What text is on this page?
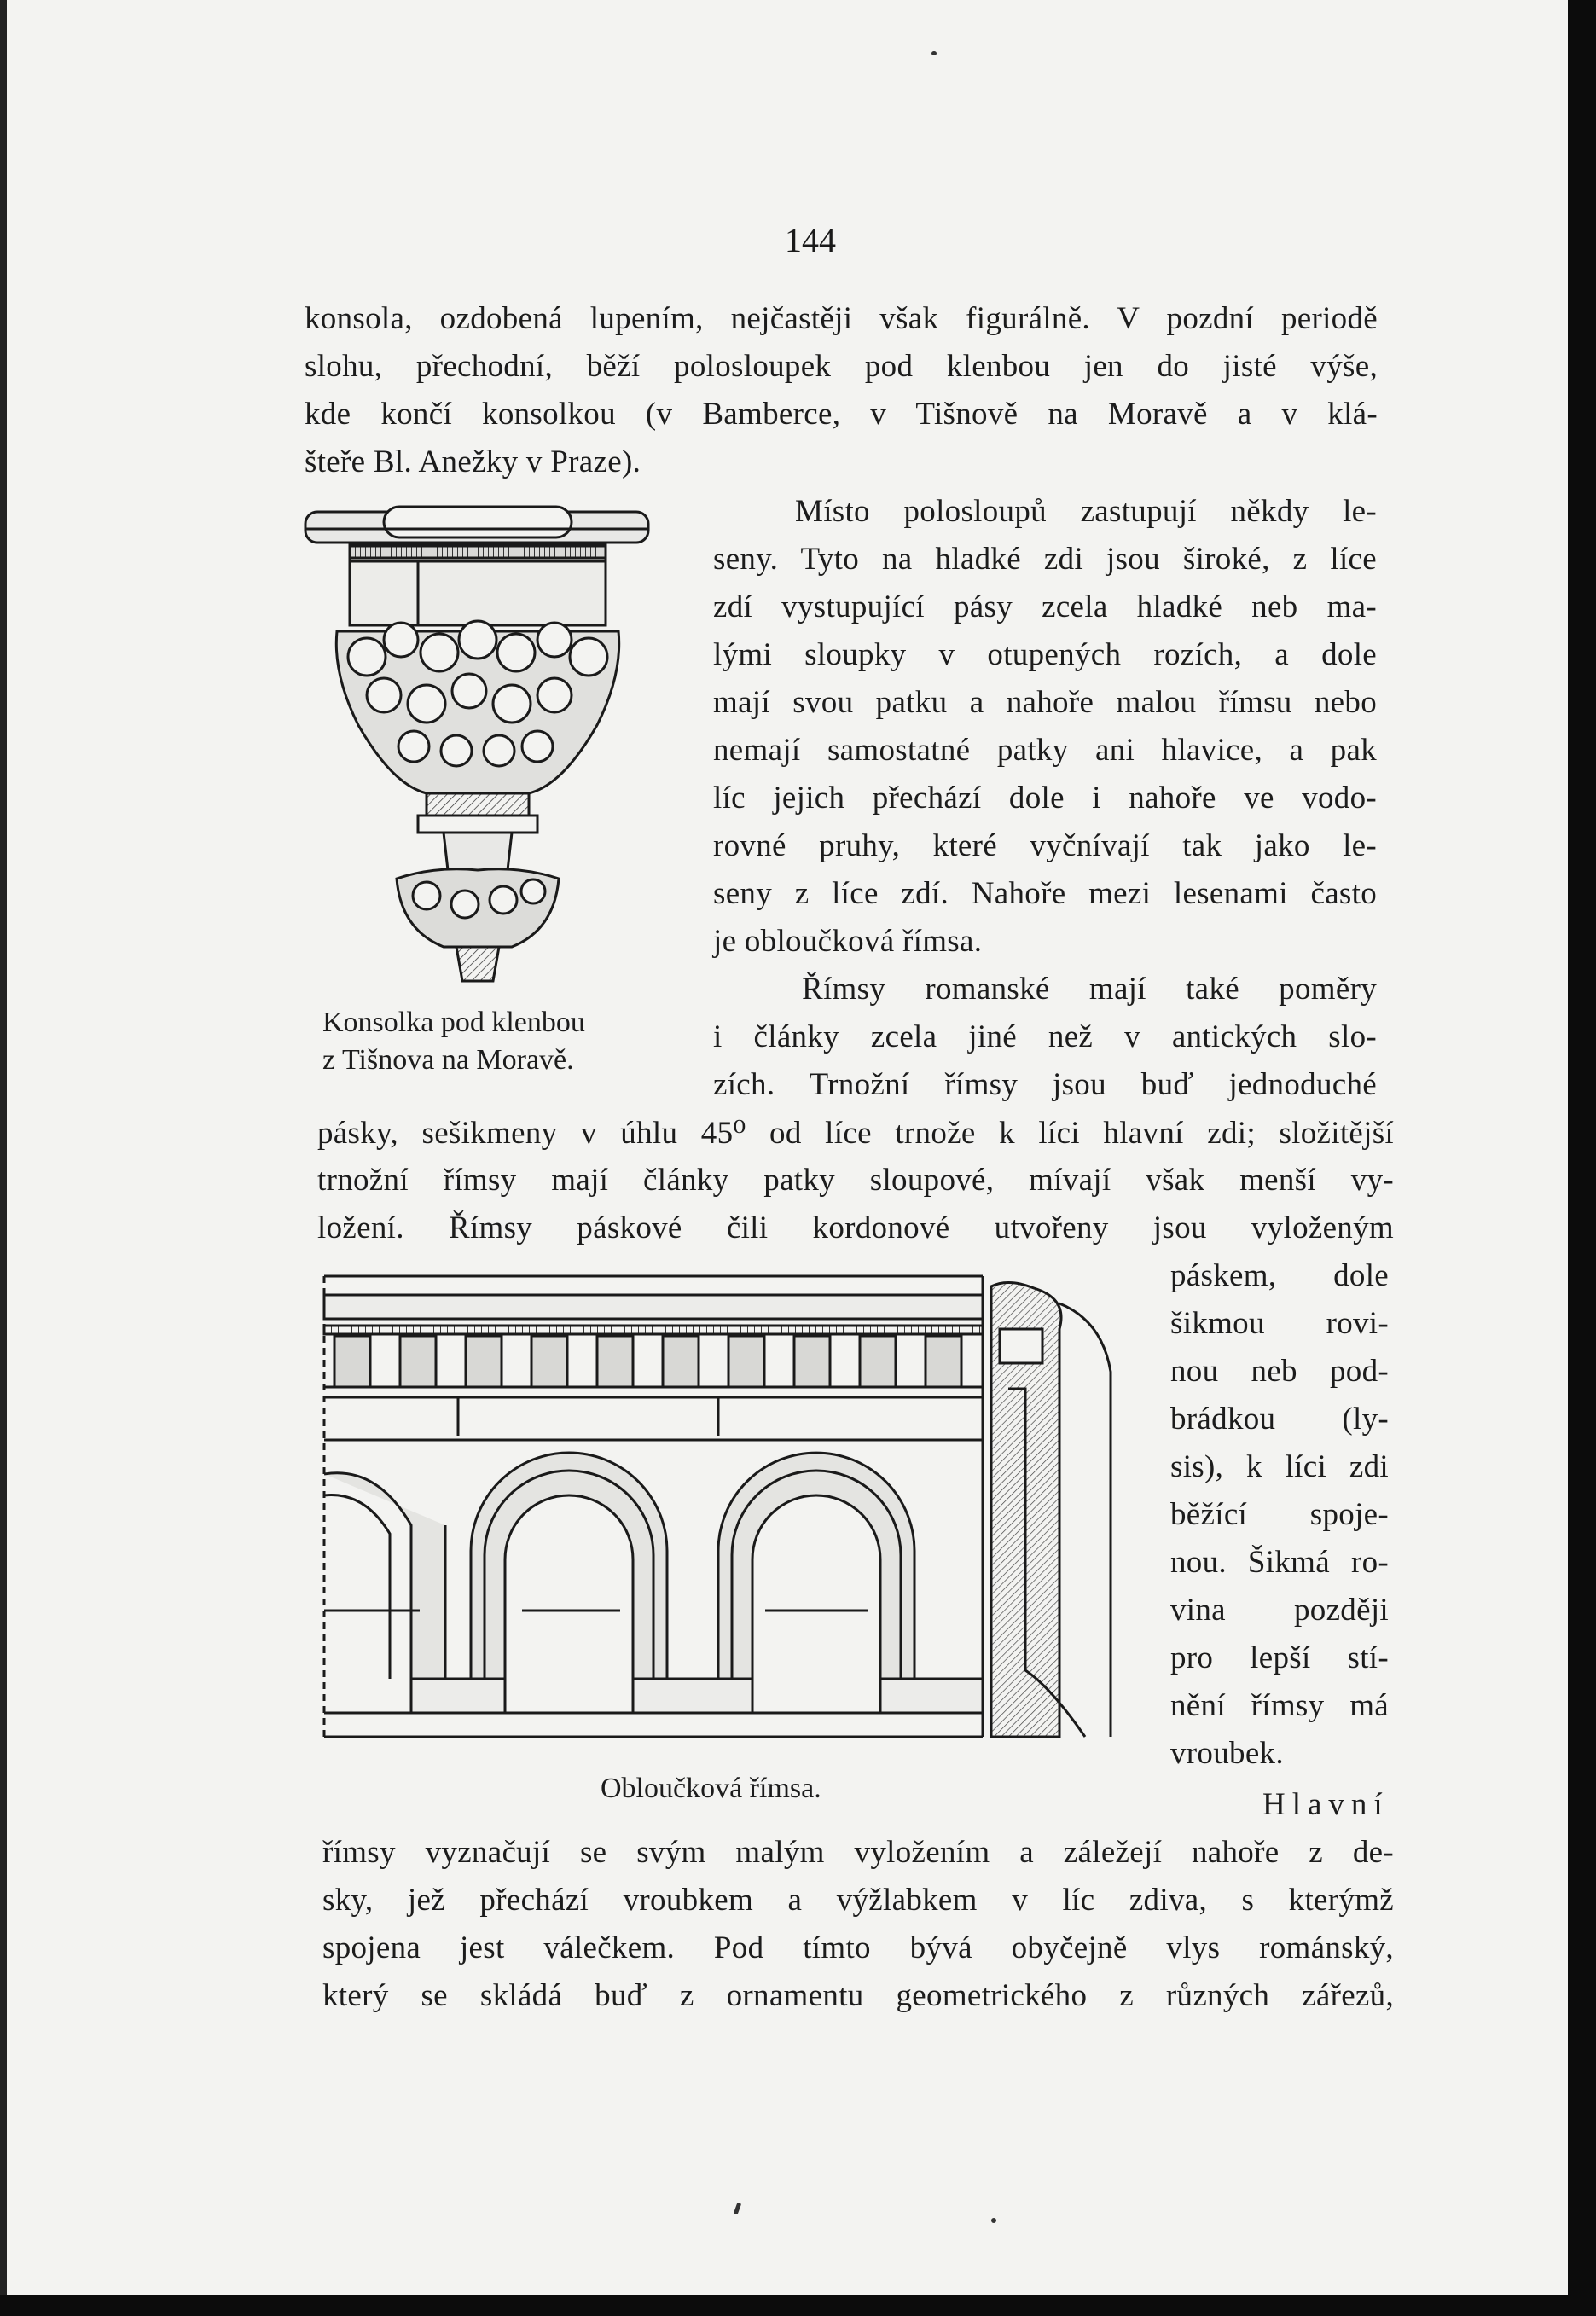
144
konsola, ozdobená lupením, nejčastěji však figurálně. V pozdní periodě
slohu, přechodní, běží polosloupek pod klenbou jen do jisté výše,
kde končí konsolkou (v Bamberce, v Tišnově na Moravě a v klá-
šteře Bl. Anežky v Praze).
Místo polosloupů zastupují někdy le-
seny. Tyto na hladké zdi jsou široké, z líce
zdí vystupující pásy zcela hladké neb ma-
lými sloupky v otupených rozích, a dole
mají svou patku a nahoře malou římsu nebo
nemají samostatné patky ani hlavice, a pak
líc jejich přechází dole i nahoře ve vodo-
rovné pruhy, které vyčnívají tak jako le-
seny z líce zdí. Nahoře mezi lesenami často
je obloučková římsa.
Římsy romanské mají také poměry
i články zcela jiné než v antických slo-
zích. Trnožní římsy jsou buď jednoduché
Konsolka pod klenbou
z Tišnova na Moravě.
pásky, sešikmeny v úhlu 45⁰ od líce trnože k líci hlavní zdi; složitější
trnožní římsy mají články patky sloupové, mívají však menší vy-
ložení. Římsy páskové čili kordonové utvořeny jsou vyloženým
Obloučková římsa.
páskem, dole
šikmou rovi-
nou neb pod-
brádkou (ly-
sis), k líci zdi
běžící spoje-
nou. Šikmá ro-
vina později
pro lepší stí-
nění římsy má
vroubek.
Hlavní
římsy vyznačují se svým malým vyložením a záležejí nahoře z de-
sky, jež přechází vroubkem a výžlabkem v líc zdiva, s kterýmž
spojena jest válečkem. Pod tímto bývá obyčejně vlys románský,
který se skládá buď z ornamentu geometrického z různých zářezů,
